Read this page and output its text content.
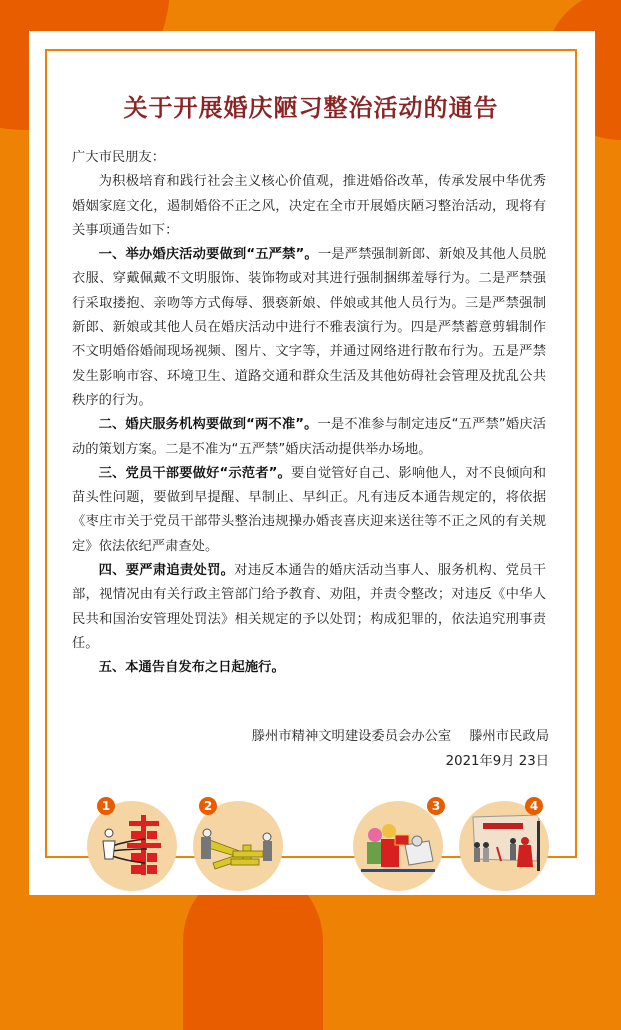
关于开展婚庆陋习整治活动的通告

广大市民朋友：

为积极培育和践行社会主义核心价值观，推进婚俗改革，传承发展中华优秀婚姻家庭文化，遏制婚俗不正之风，决定在全市开展婚庆陋习整治活动，现将有关事项通告如下：

一、举办婚庆活动要做到“五严禁”。一是严禁强制新郎、新娘及其他人员脱衣服、穿戴佩戴不文明服饰、装饰物或对其进行强制捆绑羞辱行为。二是严禁强行采取搂抱、亲吻等方式侮辱、猥亵新娘、伴娘或其他人员行为。三是严禁强制新郎、新娘或其他人员在婚庆活动中进行不雅表演行为。四是严禁蓄意剪辑制作不文明婚俗婚闹现场视频、图片、文字等，并通过网络进行散布行为。五是严禁发生影响市容、环境卫生、道路交通和群众生活及其他妨碍社会管理及扰乱公共秩序的行为。

二、婚庆服务机构要做到“两不准”。一是不准参与制定违反“五严禁”婚庆活动的策划方案。二是不准为“五严禁”婚庆活动提供举办场地。

三、党员干部要做好“示范者”。要自觉管好自己、影响他人，对不良倾向和苗头性问题，要做到早提醒、早制止、早纠正。凡有违反本通告规定的，将依据《枣庄市关于党员干部带头整治违规操办婚丧喜庆迎来送往等不正之风的有关规定》依法依纪严肃查处。

四、要严肃追责处罚。对违反本通告的婚庆活动当事人、服务机构、党员干部，视情况由有关行政主管部门给予教育、劝阻，并责令整改；对违反《中华人民共和国治安管理处罚法》相关规定的予以处罚；构成犯罪的，依法追究刑事责任。

五、本通告自发布之日起施行。

滕州市精神文明建设委员会办公室 滕州市民政局
2021年9月 23日
1	2	3	4
